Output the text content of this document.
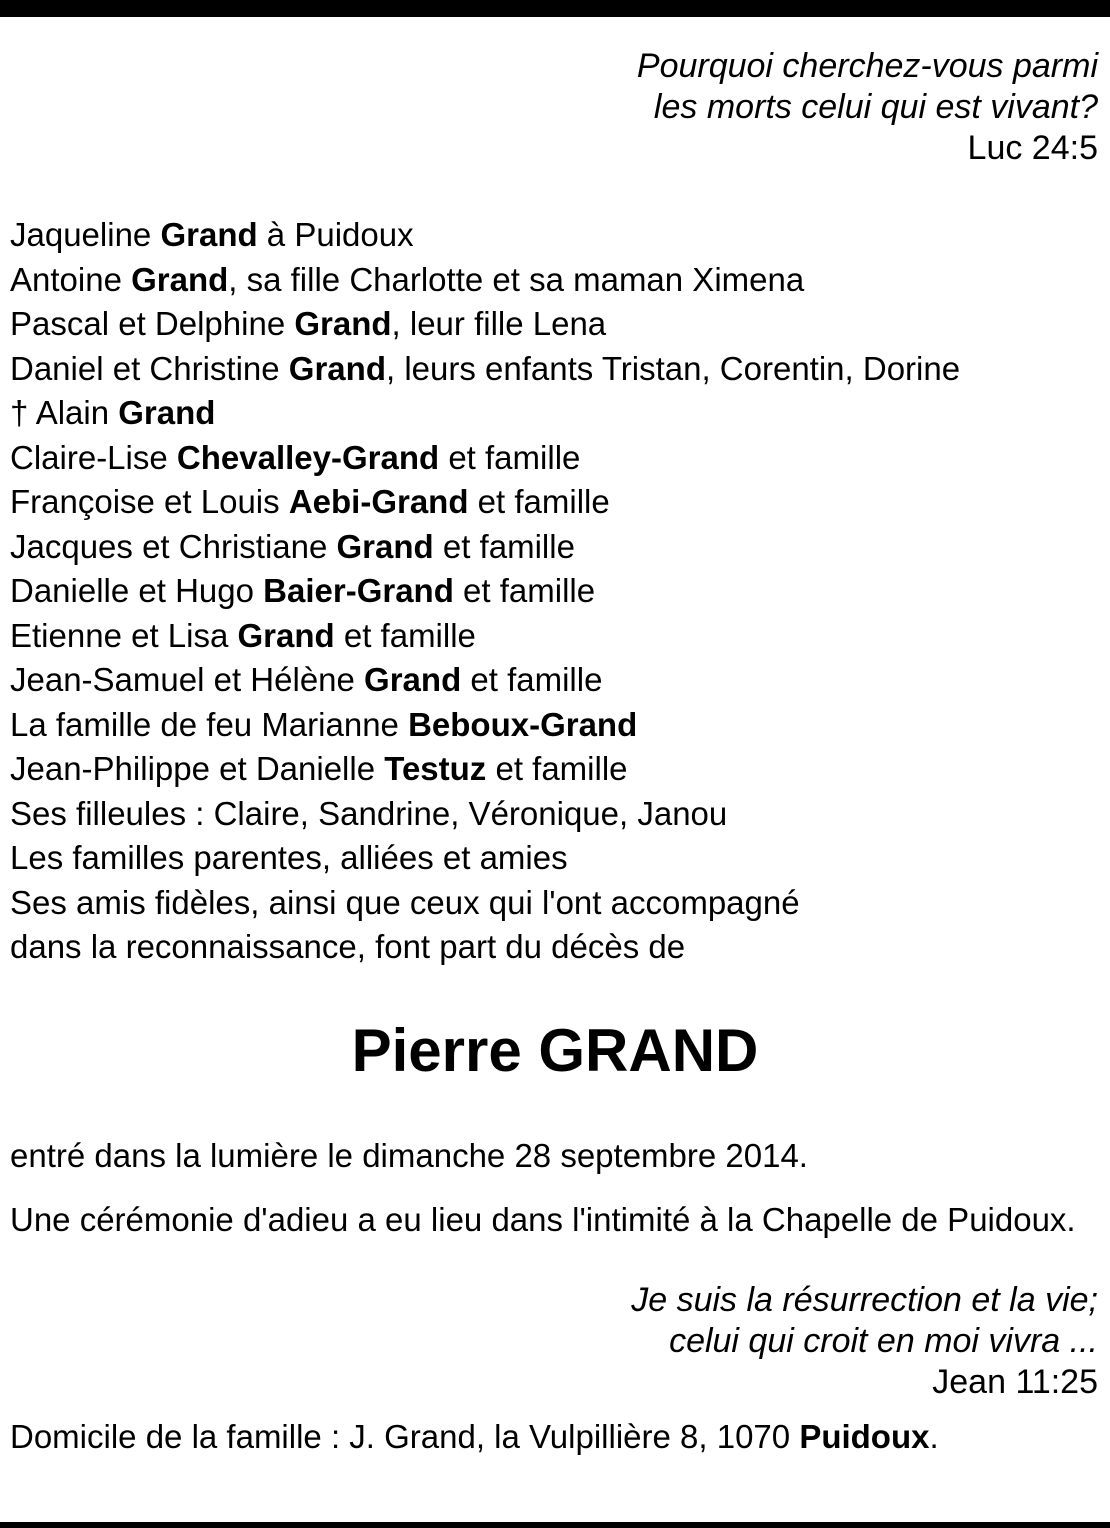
Pourquoi cherchez-vous parmi
les morts celui qui est vivant?
Luc 24:5
Jaqueline Grand à Puidoux
Antoine Grand, sa fille Charlotte et sa maman Ximena
Pascal et Delphine Grand, leur fille Lena
Daniel et Christine Grand, leurs enfants Tristan, Corentin, Dorine
† Alain Grand
Claire-Lise Chevalley-Grand et famille
Françoise et Louis Aebi-Grand et famille
Jacques et Christiane Grand et famille
Danielle et Hugo Baier-Grand et famille
Etienne et Lisa Grand et famille
Jean-Samuel et Hélène Grand et famille
La famille de feu Marianne Beboux-Grand
Jean-Philippe et Danielle Testuz et famille
Ses filleules : Claire, Sandrine, Véronique, Janou
Les familles parentes, alliées et amies
Ses amis fidèles, ainsi que ceux qui l'ont accompagné
dans la reconnaissance, font part du décès de
Pierre GRAND
entré dans la lumière le dimanche 28 septembre 2014.
Une cérémonie d'adieu a eu lieu dans l'intimité à la Chapelle de Puidoux.
Je suis la résurrection et la vie;
celui qui croit en moi vivra ...
Jean 11:25
Domicile de la famille : J. Grand, la Vulpillière 8, 1070 Puidoux.
